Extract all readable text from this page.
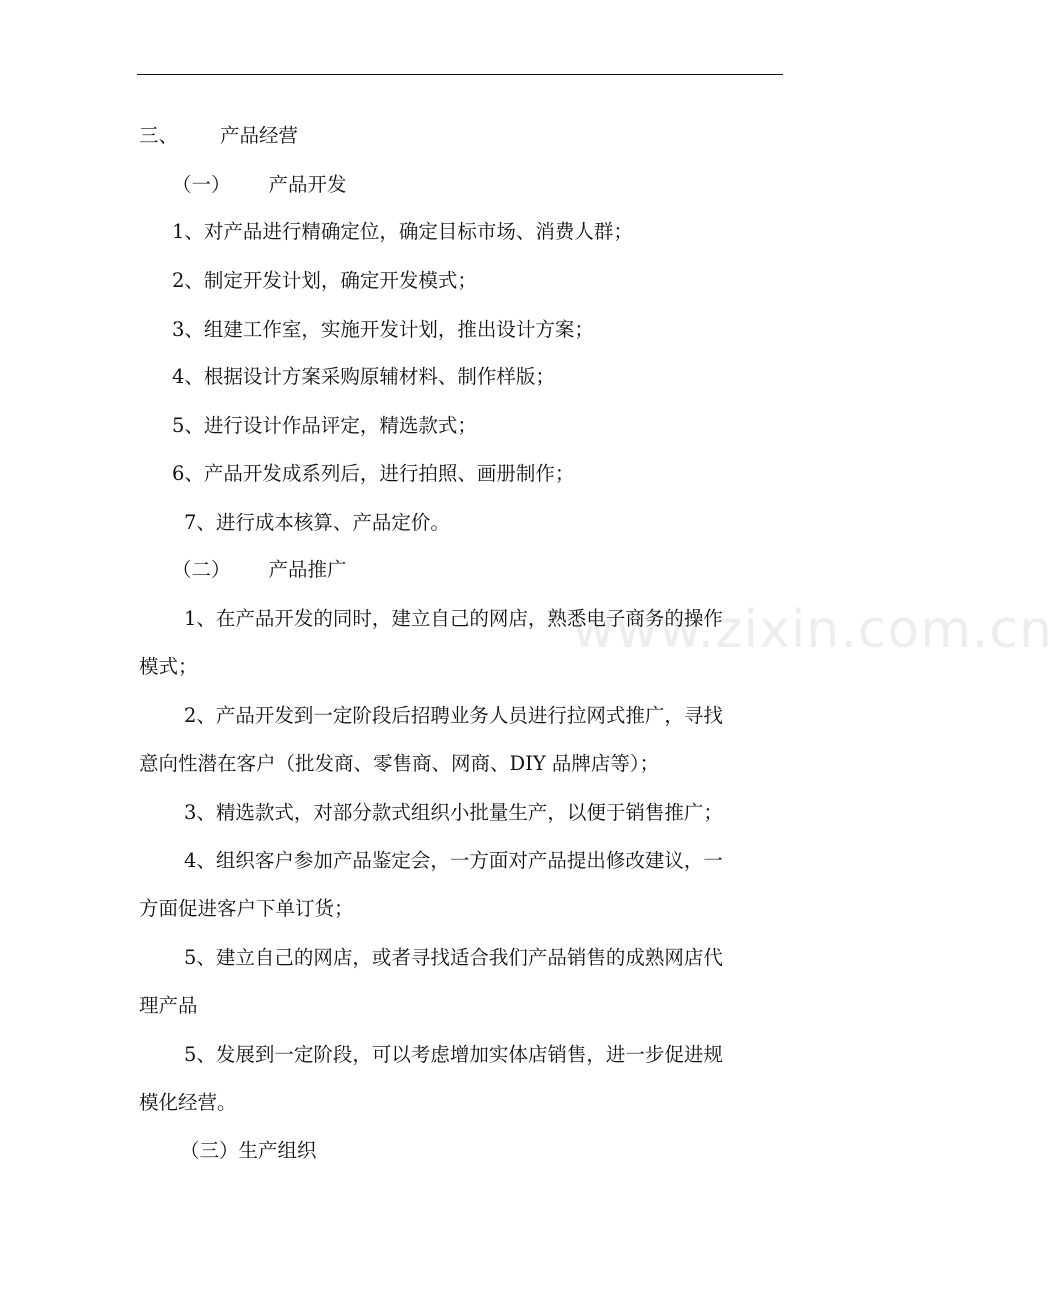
www.zixin.com.cn
三、 产品经营
（一） 产品开发
1、对产品进行精确定位，确定目标市场、消费人群；
2、制定开发计划，确定开发模式；
3、组建工作室，实施开发计划，推出设计方案；
4、根据设计方案采购原辅材料、制作样版；
5、进行设计作品评定，精选款式；
6、产品开发成系列后，进行拍照、画册制作；
7、进行成本核算、产品定价。
（二） 产品推广
1、在产品开发的同时，建立自己的网店，熟悉电子商务的操作
模式；
2、产品开发到一定阶段后招聘业务人员进行拉网式推广，寻找
意向性潜在客户（批发商、零售商、网商、DIY 品牌店等）；
3、精选款式，对部分款式组织小批量生产，以便于销售推广；
4、组织客户参加产品鉴定会，一方面对产品提出修改建议，一
方面促进客户下单订货；
5、建立自己的网店，或者寻找适合我们产品销售的成熟网店代
理产品
5、发展到一定阶段，可以考虑增加实体店销售，进一步促进规
模化经营。
（三）生产组织
